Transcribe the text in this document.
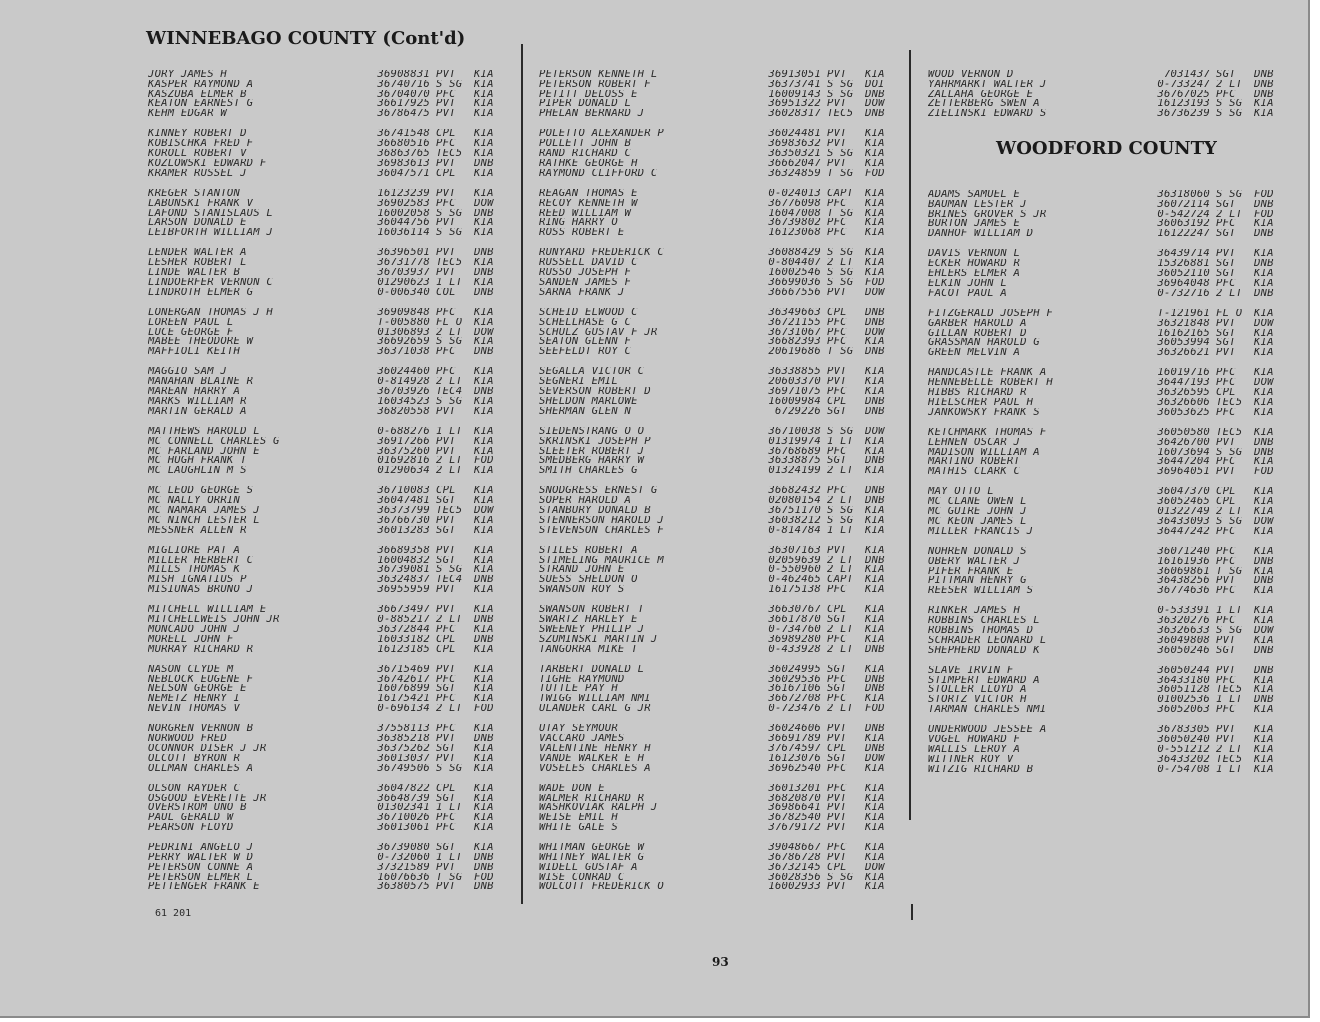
WINNEBAGO COUNTY (Cont'd)
JORY JAMES H	36908831 PVT	KIA
KASPER RAYMOND A	36740716 S SG	KIA
KASZUBA ELMER B	36704070 PFC	KIA
KEATON EARNEST G	36617925 PVT	KIA
KEHM EDGAR W	36786475 PVT	KIA
KINNEY ROBERT D	36741548 CPL	KIA
KOBISCHKA FRED F	36680516 PFC	KIA
KOROLL ROBERT V	36863765 TEC5	KIA
KOZLOWSKI EDWARD F	36983613 PVT	DNB
KRAMER RUSSEL J	36047571 CPL	KIA
KREGER STANTON	16123239 PVT	KIA
LABUNSKI FRANK V	36902583 PFC	DOW
LAFOND STANISLAUS L	16002058 S SG	DNB
LARSON DONALD E	36044756 PVT	KIA
LEIBFORTH WILLIAM J	16036114 S SG	KIA
LENDER WALTER A	36396501 PVT	DNB
LESHER ROBERT L	36731778 TEC5	KIA
LINDE WALTER B	36703937 PVT	DNB
LINDOERFER VERNON C	01290623 1 LT	KIA
LINDROTH ELMER G	0-006340 COL	DNB
LONERGAN THOMAS J H	36909848 PFC	KIA
LOREEN PAUL L	T-005880 FL O	KIA
LUCE GEORGE F	01306893 2 LT	DOW
MABEE THEODORE W	36692659 S SG	KIA
MAFFIOLI KEITH	36371038 PFC	DNB
MAGGIO SAM J	36024460 PFC	KIA
MANAHAN BLAINE R	0-814928 2 LT	KIA
MAREAN HARRY A	36703926 TEC4	DNB
MARKS WILLIAM R	16034523 S SG	KIA
MARTIN GERALD A	36820558 PVT	KIA
MATTHEWS HAROLD L	0-688276 1 LT	KIA
MC CONNELL CHARLES G	36917266 PVT	KIA
MC FARLAND JOHN E	36375260 PVT	KIA
MC HUGH FRANK T	01692816 2 LT	FOD
MC LAUGHLIN M S	01290634 2 LT	KIA
MC LEOD GEORGE S	36710083 CPL	KIA
MC NALLY ORRIN	36047481 SGT	KIA
MC NAMARA JAMES J	36373799 TEC5	DOW
MC NINCH LESTER L	36766730 PVT	KIA
MESSNER ALLEN R	36013283 SGT	KIA
MIGLIORE PAT A	36689358 PVT	KIA
MILLER HERBERT C	16004832 SGT	KIA
MILLS THOMAS K	36739081 S SG	KIA
MISH IGNATIUS P	36324837 TEC4	DNB
MISIUNAS BRUNO J	36955959 PVT	KIA
MITCHELL WILLIAM E	36673497 PVT	KIA
MITCHELLWEIS JOHN JR	0-885217 2 LT	DNB
MONCADO JOHN J	36372844 PFC	KIA
MORELL JOHN F	16033182 CPL	DNB
MURRAY RICHARD R	16123185 CPL	KIA
NASON CLYDE M	36715469 PVT	KIA
NEBLOCK EUGENE F	36742617 PFC	KIA
NELSON GEORGE E	16076899 SGT	KIA
NEMETZ HENRY I	16175421 PFC	KIA
NEVIN THOMAS V	0-696134 2 LT	FOD
NORGREN VERNON B	37558113 PFC	KIA
NORWOOD FRED	36385218 PVT	DNB
OCONNOR DISER J JR	36375262 SGT	KIA
OLCOTT BYRON R	36013037 PVT	KIA
OLLMAN CHARLES A	36749506 S SG	KIA
OLSON RAYDER C	36047822 CPL	KIA
OSGOOD EVERETTE JR	36648739 SGT	KIA
OVERSTROM UNO B	01302341 1 LT	KIA
PAUL GERALD W	36710026 PFC	KIA
PEARSON FLOYD	36013061 PFC	KIA
PEDRINI ANGELO J	36739080 SGT	KIA
PERRY WALTER W D	0-732060 1 LT	DNB
PETERSON CONNE A	37321589 PVT	DNB
PETERSON ELMER L	16076636 T SG	FOD
PETTENGER FRANK E	36380575 PVT	DNB
PETERSON KENNETH L	36913051 PVT	KIA
PETERSON ROBERT F	36373741 S SG	DOI
PETITT DELOSS E	16009143 S SG	DNB
PIPER DONALD L	36951322 PVT	DOW
PHELAN BERNARD J	36028317 TEC5	DNB
POLETTO ALEXANDER P	36024481 PVT	KIA
POLLETT JOHN B	36983632 PVT	KIA
RAND RICHARD C	36350321 S SG	KIA
RATHKE GEORGE H	36662047 PVT	KIA
RAYMOND CLIFFORD C	36324859 T SG	FOD
REAGAN THOMAS E	0-024013 CAPT	KIA
RECOY KENNETH W	36776098 PFC	KIA
REED WILLIAM W	16047008 T SG	KIA
RING HARRY O	36739802 PFC	KIA
ROSS ROBERT E	16123068 PFC	KIA
RUNYARD FREDERICK C	36088429 S SG	KIA
RUSSELL DAVID C	0-804407 2 LT	KIA
RUSSO JOSEPH F	16002546 S SG	KIA
SANDEN JAMES F	36699036 S SG	FOD
SARNA FRANK J	36667556 PVT	DOW
SCHEID ELWOOD C	36349663 CPL	DNB
SCHELLHASE G C	36721155 PFC	DNB
SCHULZ GUSTAV F JR	36731067 PFC	DOW
SEATON GLENN F	36682393 PFC	KIA
SEEFELDT ROY C	20619686 T SG	DNB
SEGALLA VICTOR C	36338855 PVT	KIA
SEGNERI EMIL	20603370 PVT	KIA
SEVERSON ROBERT D	36971075 PFC	KIA
SHELDON MARLOWE	16009984 CPL	DNB
SHERMAN GLEN N	6729226 SGT	DNB
SIEDENSTRANG O O	36710038 S SG	DOW
SKRINSKI JOSEPH P	01319974 1 LT	KIA
SLEETER ROBERT J	36768689 PFC	KIA
SMEDBERG HARRY W	36338875 SGT	DNB
SMITH CHARLES G	01324199 2 LT	KIA
SNODGRESS ERNEST G	36682432 PFC	DNB
SOPER HAROLD A	02080154 2 LT	DNB
STANBURY DONALD B	36751170 S SG	KIA
STENNERSON HAROLD J	36038212 S SG	KIA
STEVENSON CHARLES F	0-814784 1 LT	KIA
STILES ROBERT A	36307163 PVT	KIA
STIMELING MAURICE M	02059639 2 LT	DNB
STRAND JOHN E	0-550960 2 LT	KIA
SUESS SHELDON O	0-462465 CAPT	KIA
SWANSON ROY S	16175138 PFC	KIA
SWANSON ROBERT T	36630767 CPL	KIA
SWARTZ HARLEY E	36617870 SGT	KIA
SWEENEY PHILIP J	0-734760 2 LT	KIA
SZUMINSKI MARTIN J	36989280 PFC	KIA
TANGORRA MIKE T	0-433928 2 LT	DNB
TARBERT DONALD L	36024995 SGT	KIA
TIGHE RAYMOND	36029536 PFC	DNB
TUTTLE PAY H	36167106 SGT	DNB
TWIGG WILLIAM NMI	36672708 PFC	KIA
ULANDER CARL G JR	0-723476 2 LT	FOD
UTAY SEYMOUR	36024606 PVT	DNB
VACCARO JAMES	36691789 PVT	KIA
VALENTINE HENRY H	37674597 CPL	DNB
VANDE WALKER E H	16123076 SGT	DOW
VOSELES CHARLES A	36962540 PFC	KIA
WADE DON E	36013201 PFC	KIA
WALMER RICHARD R	36820870 PVT	KIA
WASHKOVIAK RALPH J	36986641 PVT	KIA
WEISE EMIL H	36782540 PVT	KIA
WHITE GALE S	37679172 PVT	KIA
WHITMAN GEORGE W	39048667 PFC	KIA
WHITNEY WALTER G	36786728 PVT	KIA
WIDELL GUSTAF A	36732145 CPL	DOW
WISE CONRAD C	36028356 S SG	KIA
WOLCOTT FREDERICK O	16002933 PVT	KIA
WOOD VERNON D	7031437 SGT	DNB
YAHRMARKT WALTER J	0-733247 2 LT	DNB
ZALLAHA GEORGE E	36767025 PFC	DNB
ZETTERBERG SWEN A	16123193 S SG	KIA
ZIELINSKI EDWARD S	36736239 S SG	KIA
WOODFORD COUNTY
ADAMS SAMUEL E	36318060 S SG	FOD
BAUMAN LESTER J	36072114 SGT	DNB
BRINES GROVER S JR	0-542724 2 LT	FOD
BURTON JAMES E	36063192 PFC	KIA
DANHOF WILLIAM D	16122247 SGT	DNB
DAVIS VERNON L	36439714 PVT	KIA
ECKER HOWARD R	15326881 SGT	DNB
EHLERS ELMER A	36052110 SGT	KIA
ELKIN JOHN L	36964048 PFC	KIA
FACOT PAUL A	0-732716 2 LT	DNB
FITZGERALD JOSEPH F	T-121961 FL O	KIA
GARBER HAROLD A	36321848 PVT	DOW
GILLAN ROBERT D	16162165 SGT	KIA
GRASSMAN HAROLD G	36053994 SGT	KIA
GREEN MELVIN A	36326621 PVT	KIA
HANDCASTLE FRANK A	16019716 PFC	KIA
HENNEBELLE ROBERT H	36447193 PFC	DOW
HIBBS RICHARD R	36326595 CPL	KIA
HIELSCHER PAUL H	36326606 TEC5	KIA
JANKOWSKY FRANK S	36053625 PFC	KIA
KETCHMARK THOMAS F	36050580 TEC5	KIA
LEHNEN OSCAR J	36426700 PVT	DNB
MADISON WILLIAM A	16073694 S SG	DNB
MARTINO ROBERT	36447204 PFC	KIA
MATHIS CLARK C	36964051 PVT	FOD
MAY OTTO L	36047370 CPL	KIA
MC CLANE OWEN L	36052465 CPL	KIA
MC GUIRE JOHN J	01322749 2 LT	KIA
MC KEON JAMES L	36433093 S SG	DOW
MILLER FRANCIS J	36447242 PFC	KIA
NOHREN DONALD S	36071240 PFC	KIA
OBERY WALTER J	16161936 PFC	DNB
PIFER FRANK E	36069861 T SG	KIA
PITTMAN HENRY G	36438256 PVT	DNB
REESER WILLIAM S	36774636 PFC	KIA
RINKER JAMES H	0-533391 1 LT	KIA
ROBBINS CHARLES L	36320276 PFC	KIA
ROBBINS THOMAS D	36326633 S SG	DOW
SCHRADER LEONARD L	36049808 PVT	KIA
SHEPHERD DONALD K	36050246 SGT	DNB
SLAVE IRVIN F	36050244 PVT	DNB
STIMPERT EDWARD A	36433180 PFC	KIA
STOLLER LLOYD A	36051128 TEC5	KIA
STORTZ VICTOR H	01002536 1 LT	DNB
TARMAN CHARLES NMI	36052063 PFC	KIA
UNDERWOOD JESSEE A	36783305 PVT	KIA
VOGEL HOWARD F	36050240 PVT	KIA
WALLIS LEROY A	0-551212 2 LT	KIA
WITTNER ROY V	36433202 TEC5	KIA
WITZIG RICHARD B	0-754708 1 LT	KIA
61 201
93
